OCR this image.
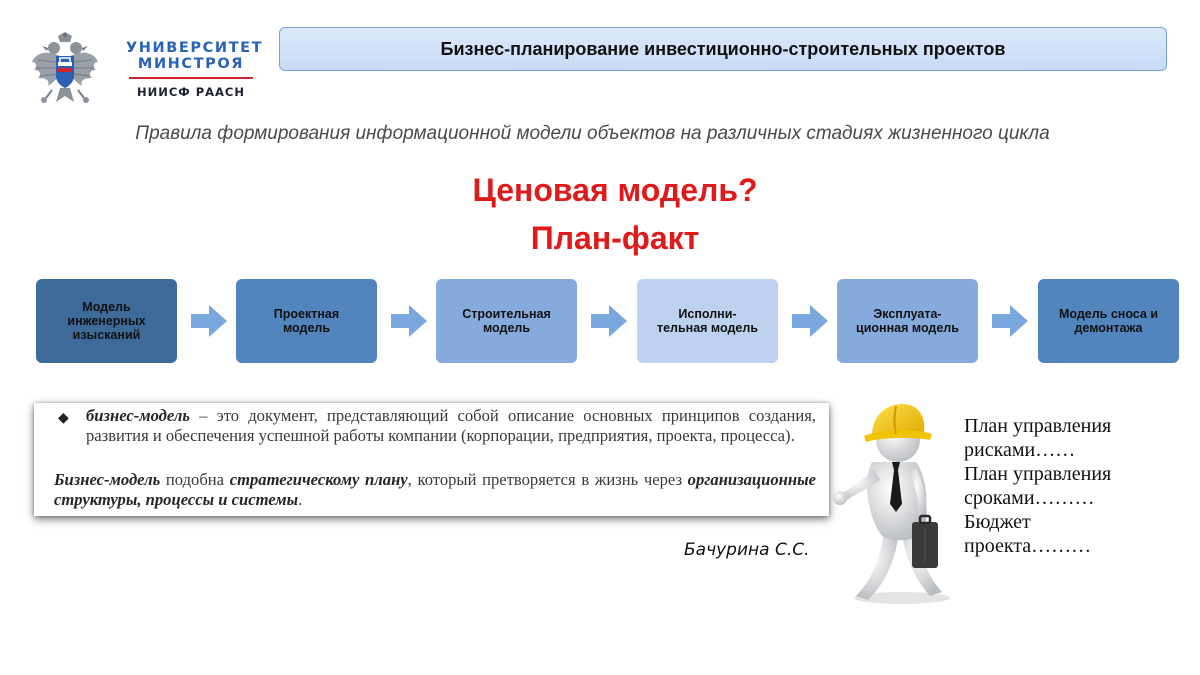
УНИВЕРСИТЕТ
МИНСТРОЯ
НИИСФ РААСН
Бизнес-планирование инвестиционно-строительных проектов
Правила формирования информационной модели объектов на различных стадиях жизненного цикла
Ценовая модель?
План-факт
Модель
инженерных
изысканий
Проектная
модель
Строительная
модель
Исполни-
тельная модель
Эксплуата-
ционная модель
Модель сноса и
демонтажа
◆ бизнес-модель – это документ, представляющий собой описание основных принципов создания, развития и обеспечения успешной работы компании (корпорации, предприятия, проекта, процесса).
Бизнес-модель подобна стратегическому плану, который претворяется в жизнь через организационные структуры, процессы и системы.
Бачурина С.С.
План управления
рисками……
План управления
сроками………
Бюджет
проекта………
